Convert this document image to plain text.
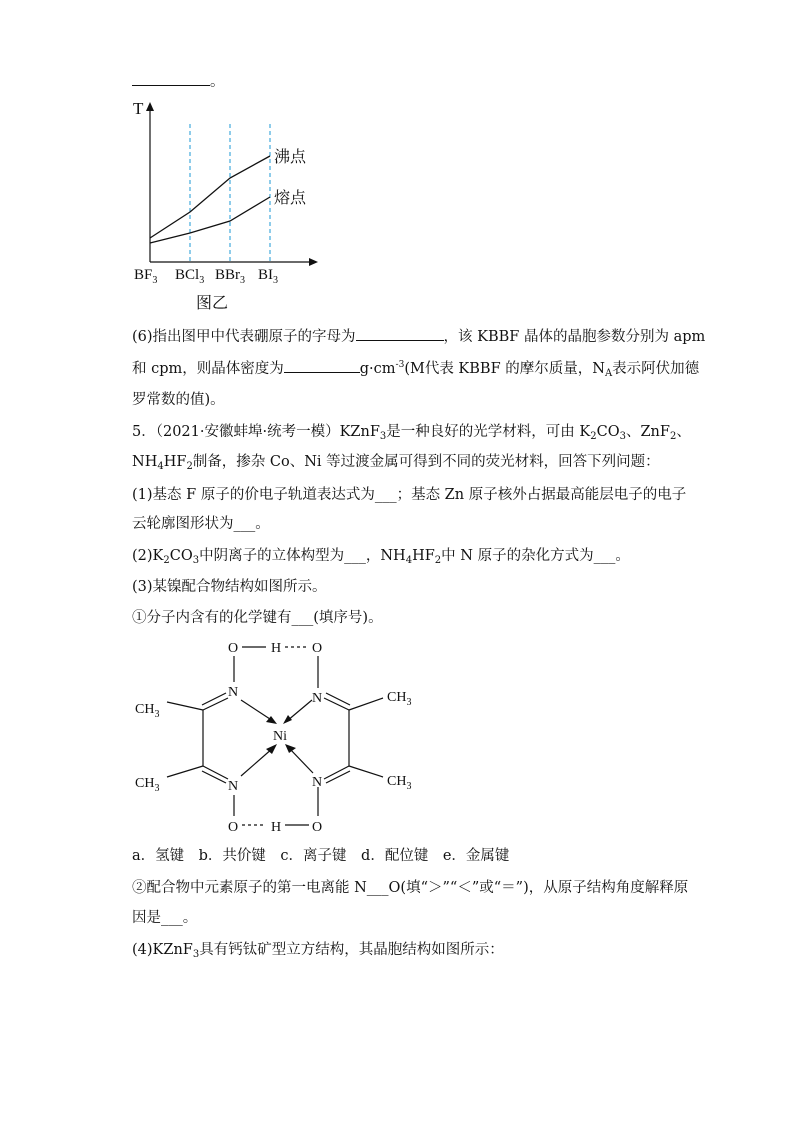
。
T
沸点
熔点
$BF_3$ BCl$_3$ BBr$_3$ $BI_3$
图乙
(6)指出图甲中代表硼原子的字母为	，该 KBBF 晶体的晶胞参数分别为 apm
和 cpm，则晶体密度为	$g\cdot cm^{-3}(M$代表 KBBF 的摩尔质量，$N_A$表示阿伏加德
罗常数的值)。
5．（2021·安徽蚌埠·统考一模）KZnF$_3$是一种良好的光学材料，可由 $K_2CO_3$、ZnF$_2$、
$NH_4HF_2$制备，掺杂 Co、Ni 等过渡金属可得到不同的荧光材料，回答下列问题：
(1)基态 F 原子的价电子轨道表达式为___；基态 Zn 原子核外占据最高能层电子的电子
云轮廓图形状为___。
$(2)K_2CO_3$中阴离子的立体构型为___，$NH_4HF_2$中 N 原子的杂化方式为___。
(3)某镍配合物结构如图所示。
①分子内含有的化学键有___(填序号)。
O H O
N	N
Ni
N	N
O H O
$CH_3$
$CH_3$
$CH_3$
$CH_3$
a．氢键　b．共价键　c．离子键　d．配位键　e．金属键
②配合物中元素原子的第一电离能 N___O(填“＞”“＜”或“＝”)，从原子结构角度解释原
因是___。
(4)KZnF$_3$具有钙钛矿型立方结构，其晶胞结构如图所示：
